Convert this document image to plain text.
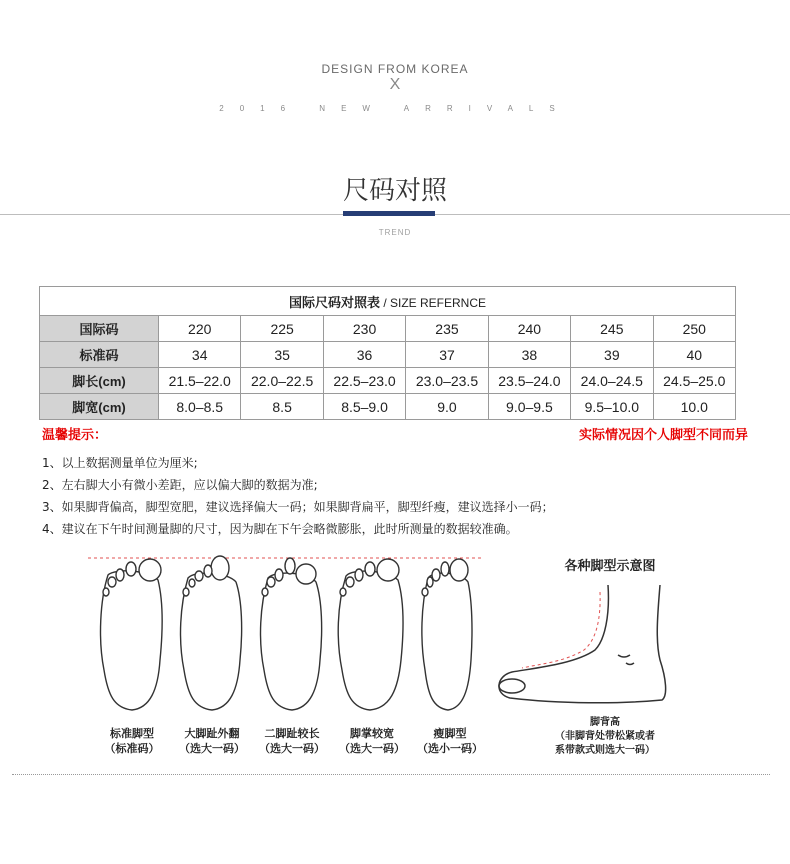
DESIGN FROM KOREA
X
2016 NEW ARRIVALS
尺码对照
TREND
国际尺码对照表 / SIZE REFERNCE							
国际码	220	225	230	235	240	245	250
标准码	34	35	36	37	38	39	40
脚长(cm)	21.5–22.0	22.0–22.5	22.5–23.0	23.0–23.5	23.5–24.0	24.0–24.5	24.5–25.0
脚宽(cm)	8.0–8.5	8.5	8.5–9.0	9.0	9.0–9.5	9.5–10.0	10.0
温馨提示：	实际情况因个人脚型不同而异
1、以上数据测量单位为厘米;
2、左右脚大小有微小差距，应以偏大脚的数据为准;
3、如果脚背偏高，脚型宽肥，建议选择偏大一码；如果脚背扁平，脚型纤瘦，建议选择小一码；
4、建议在下午时间测量脚的尺寸，因为脚在下午会略微膨胀，此时所测量的数据较准确。
标准脚型
（标准码）
大脚趾外翻
（选大一码）
二脚趾较长
（选大一码）
脚掌较宽
（选大一码）
瘦脚型
（选小一码）
各种脚型示意图
脚背高
（非脚背处带松紧或者
系带款式则选大一码）
